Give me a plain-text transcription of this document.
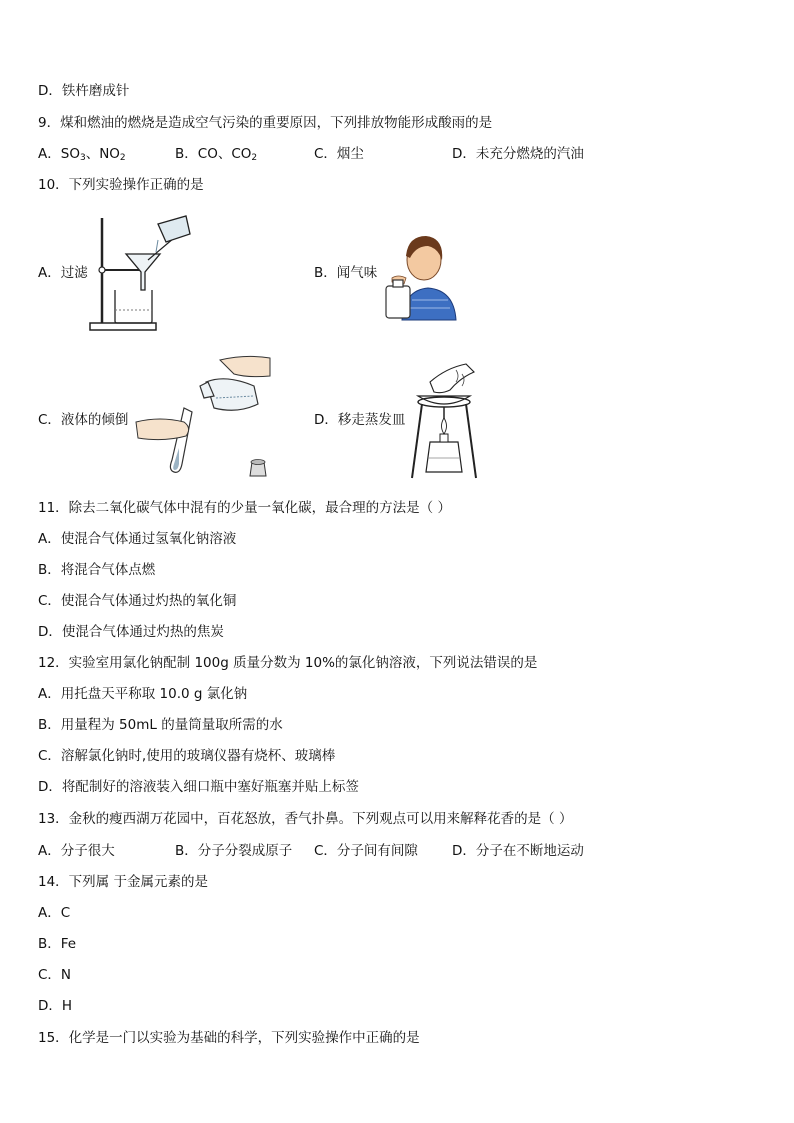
D．铁杵磨成针
9．煤和燃油的燃烧是造成空气污染的重要原因，下列排放物能形成酸雨的是
A．$SO_3$、$NO_2$	B．CO、$CO_2$	C．烟尘	D．未充分燃烧的汽油
10．下列实验操作正确的是
A．过滤	B．闻气味
C．液体的倾倒	D．移走蒸发皿
11．除去二氧化碳气体中混有的少量一氧化碳，最合理的方法是（ ）
A．使混合气体通过氢氧化钠溶液
B．将混合气体点燃
C．使混合气体通过灼热的氧化铜
D．使混合气体通过灼热的焦炭
12．实验室用氯化钠配制 100g 质量分数为 10%的氯化钠溶液，下列说法错误的是
A．用托盘天平称取 10.0 g 氯化钠
B．用量程为 50mL 的量筒量取所需的水
C．溶解氯化钠时,使用的玻璃仪器有烧杯、玻璃棒
D．将配制好的溶液装入细口瓶中塞好瓶塞并贴上标签
13．金秋的瘦西湖万花园中，百花怒放，香气扑鼻。下列观点可以用来解释花香的是（ ）
A．分子很大	B．分子分裂成原子 C．分子间有间隙	D．分子在不断地运动
14．下列属 于金属元素的是
A．C
B．Fe
C．N
D．H
15．化学是一门以实验为基础的科学，下列实验操作中正确的是
